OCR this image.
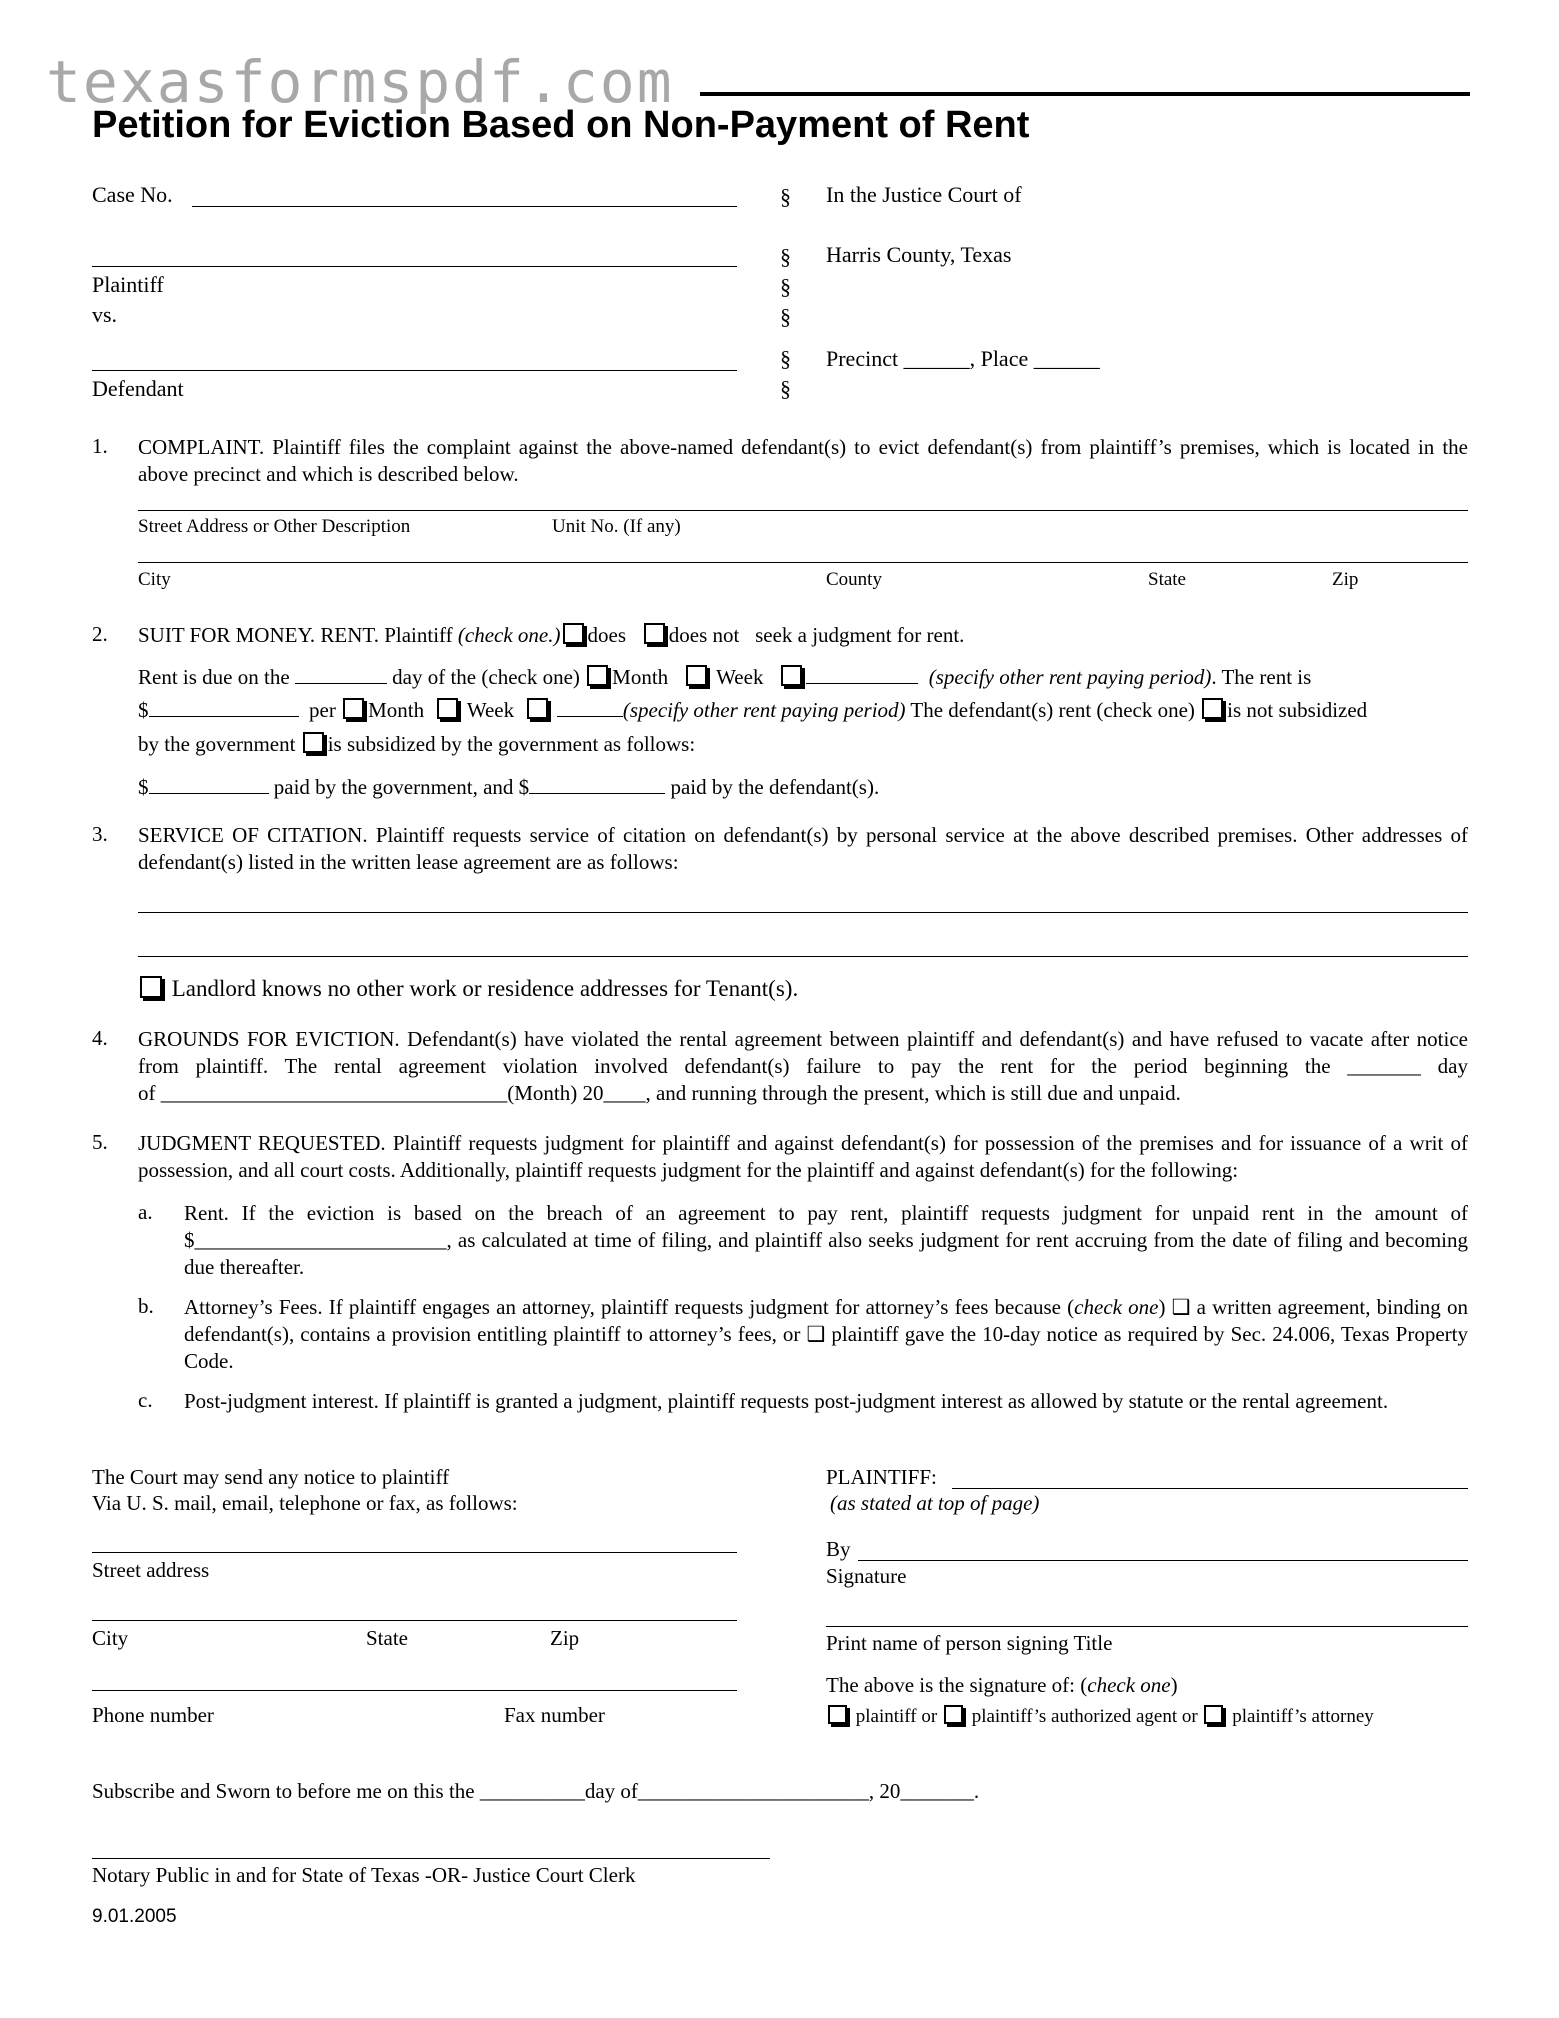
texasformspdf.com
Petition for Eviction Based on Non-Payment of Rent
Case No.
Plaintiff
vs.
Defendant
§
§
§
§
§
§
In the Justice Court of
Harris County, Texas
Precinct ______, Place ______
1. COMPLAINT. Plaintiff files the complaint against the above-named defendant(s) to evict defendant(s) from plaintiff’s premises, which is located in the above precinct and which is described below.
Street Address or Other Description	Unit No. (If any)
City	County	State	Zip
2. SUIT FOR MONEY. RENT. Plaintiff (check one.) does does not seek a judgment for rent.
Rent is due on the	day of the (check one) Month Week	(specify other rent paying period). The rent is
$	per Month Week	(specify other rent paying period) The defendant(s) rent (check one) is not subsidized
by the government is subsidized by the government as follows:
$	paid by the government, and $	paid by the defendant(s).
3. SERVICE OF CITATION. Plaintiff requests service of citation on defendant(s) by personal service at the above described premises. Other addresses of defendant(s) listed in the written lease agreement are as follows:
Landlord knows no other work or residence addresses for Tenant(s).
4. GROUNDS FOR EVICTION. Defendant(s) have violated the rental agreement between plaintiff and defendant(s) and have refused to vacate after notice from plaintiff. The rental agreement violation involved defendant(s) failure to pay the rent for the period beginning the _______ day
of _________________________________(Month) 20____, and running through the present, which is still due and unpaid.
5. JUDGMENT REQUESTED. Plaintiff requests judgment for plaintiff and against defendant(s) for possession of the premises and for issuance of a writ of possession, and all court costs. Additionally, plaintiff requests judgment for the plaintiff and against defendant(s) for the following:
a. Rent. If the eviction is based on the breach of an agreement to pay rent, plaintiff requests judgment for unpaid rent in the amount of $________________________, as calculated at time of filing, and plaintiff also seeks judgment for rent accruing from the date of filing and becoming due thereafter.
b. Attorney’s Fees. If plaintiff engages an attorney, plaintiff requests judgment for attorney’s fees because (check one) ❑ a written agreement, binding on defendant(s), contains a provision entitling plaintiff to attorney’s fees, or ❑ plaintiff gave the 10-day notice as required by Sec. 24.006, Texas Property Code.
c. Post-judgment interest. If plaintiff is granted a judgment, plaintiff requests post-judgment interest as allowed by statute or the rental agreement.
The Court may send any notice to plaintiff
Via U. S. mail, email, telephone or fax, as follows:
Street address
City	State	Zip
Phone number	Fax number
PLAINTIFF:
(as stated at top of page)
By
Signature
Print name of person signing Title
The above is the signature of: (check one)
plaintiff or plaintiff’s authorized agent or plaintiff’s attorney
Subscribe and Sworn to before me on this the __________day of______________________, 20_______.
Notary Public in and for State of Texas -OR- Justice Court Clerk
9.01.2005
